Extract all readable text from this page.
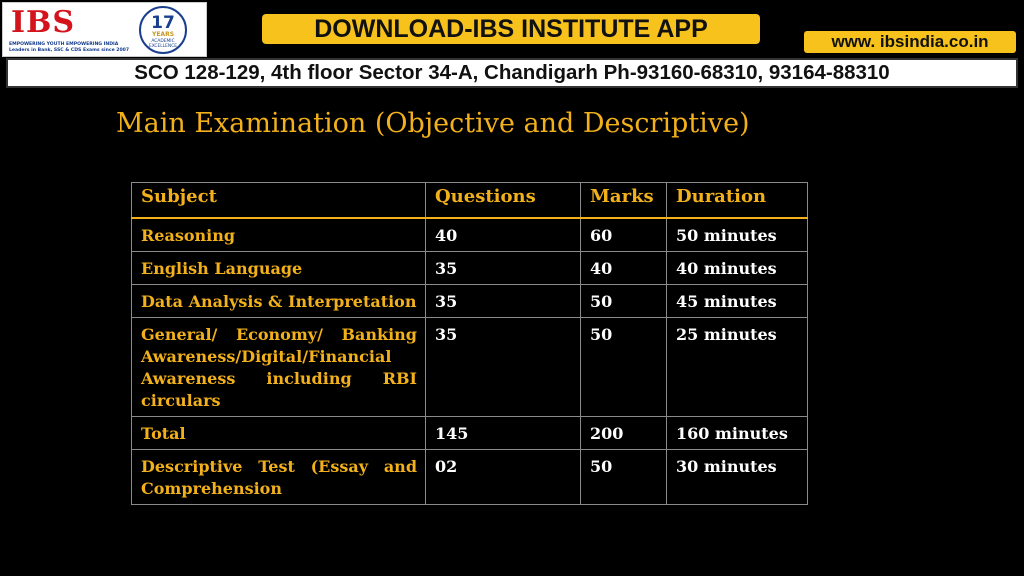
IBS
EMPOWERING YOUTH EMPOWERING INDIA
Leaders in Bank, SSC & CDS Exams since 2007
17
YEARS
ACADEMIC EXCELLENCE
DOWNLOAD-IBS INSTITUTE APP	www. ibsindia.co.in
SCO 128-129, 4th floor Sector 34-A, Chandigarh Ph-93160-68310, 93164-88310
Main Examination (Objective and Descriptive)
Subject	Questions	Marks	Duration
Reasoning	40	60	50 minutes
English Language	35	40	40 minutes
Data Analysis & Interpretation	35	50	45 minutes
General/ Economy/ Banking Awareness/Digital/Financial Awareness including RBI circulars	35	50	25 minutes
Total	145	200	160 minutes
Descriptive Test (Essay and Comprehension	02	50	30 minutes
